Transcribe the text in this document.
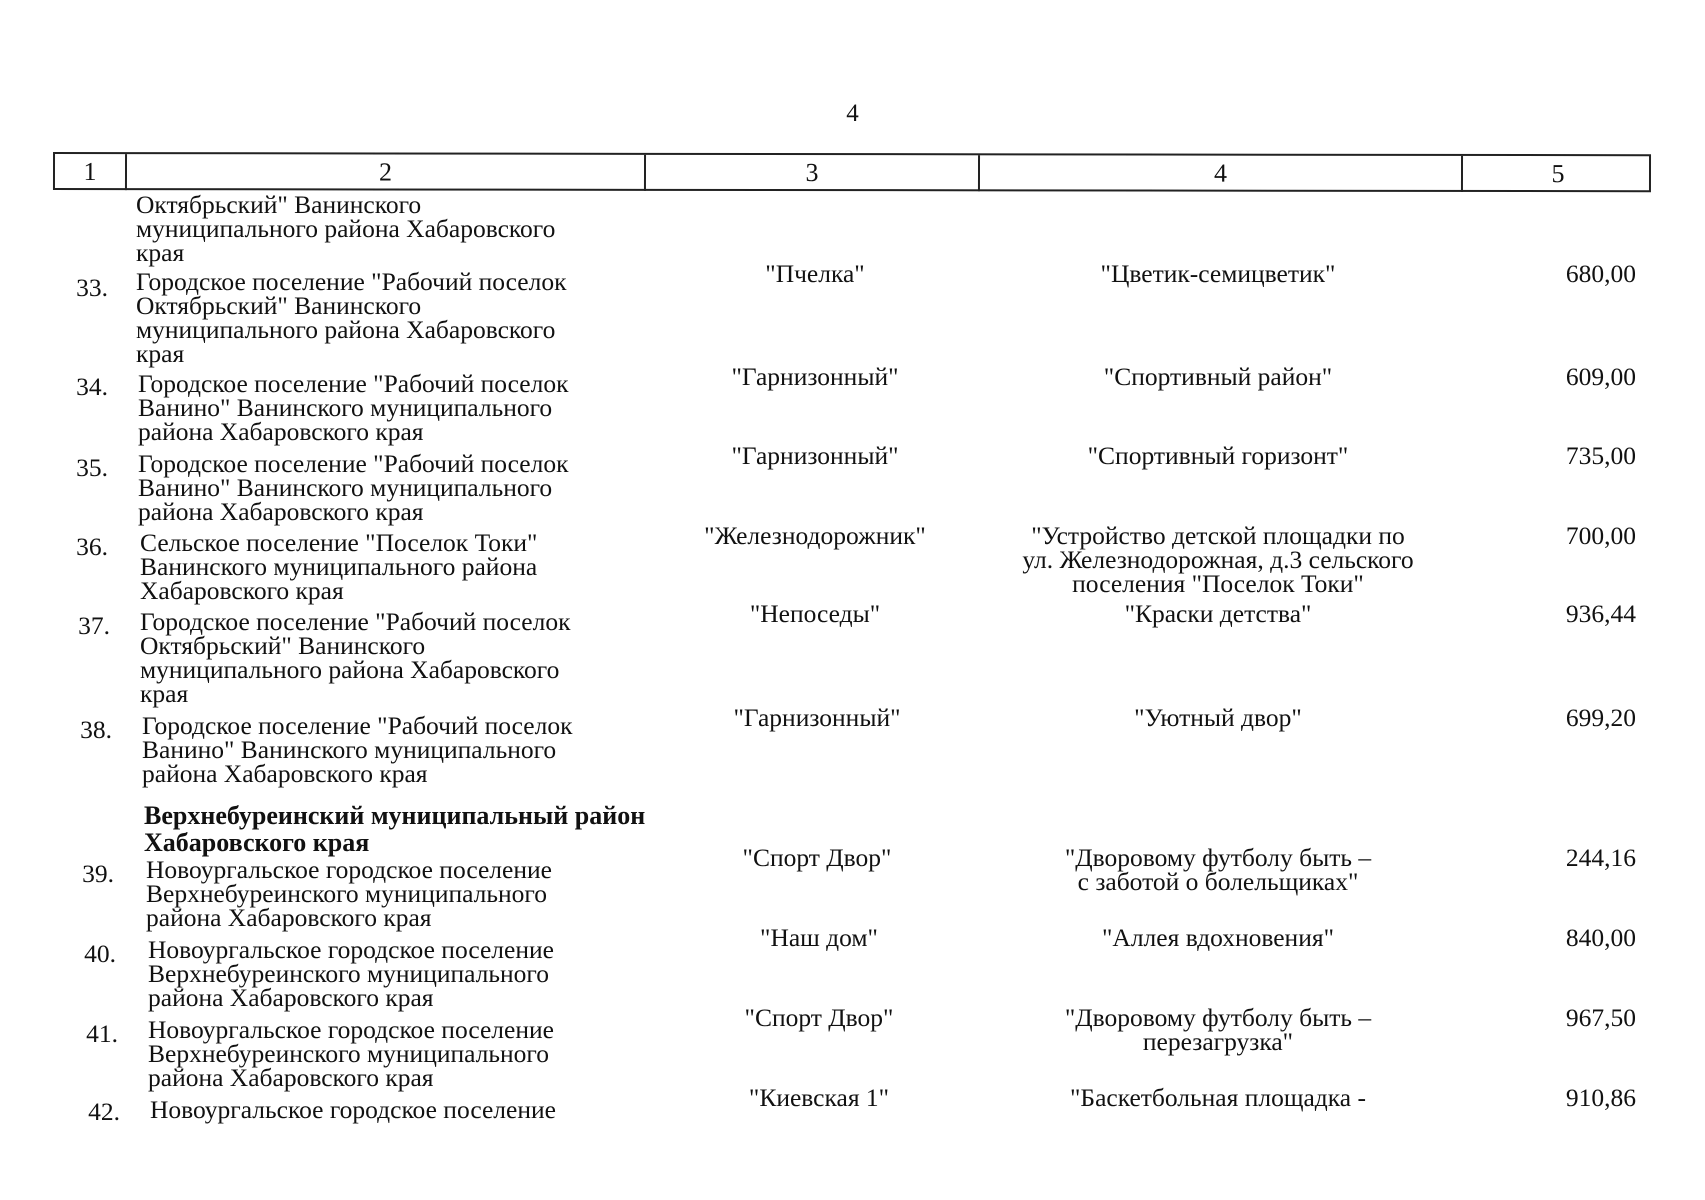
4
1	2	3	4	5
Октябрьский" Ванинского
муниципального района Хабаровского
края
33. Городское поселение "Рабочий поселок
Октябрьский" Ванинского
муниципального района Хабаровского
края
"Пчелка"	"Цветик-семицветик"	680,00
34. Городское поселение "Рабочий поселок
Ванино" Ванинского муниципального
района Хабаровского края
"Гарнизонный"	"Спортивный район"	609,00
35. Городское поселение "Рабочий поселок
Ванино" Ванинского муниципального
района Хабаровского края
"Гарнизонный"	"Спортивный горизонт"	735,00
36. Сельское поселение "Поселок Токи"
Ванинского муниципального района
Хабаровского края
"Железнодорожник"	"Устройство детской площадки по
ул. Железнодорожная, д.3 сельского
поселения "Поселок Токи"
700,00
37. Городское поселение "Рабочий поселок
Октябрьский" Ванинского
муниципального района Хабаровского
края
"Непоседы"	"Краски детства"	936,44
38. Городское поселение "Рабочий поселок
Ванино" Ванинского муниципального
района Хабаровского края
"Гарнизонный"	"Уютный двор"	699,20
Верхнебуреинский муниципальный район
Хабаровского края
39. Новоургальское городское поселение
Верхнебуреинского муниципального
района Хабаровского края
"Спорт Двор"	"Дворовому футболу быть –
с заботой о болельщиках"
244,16
40. Новоургальское городское поселение
Верхнебуреинского муниципального
района Хабаровского края
"Наш дом"	"Аллея вдохновения"	840,00
41. Новоургальское городское поселение
Верхнебуреинского муниципального
района Хабаровского края
"Спорт Двор"	"Дворовому футболу быть –
перезагрузка"
967,50
42. Новоургальское городское поселение	"Киевская 1"	"Баскетбольная площадка -	910,86
